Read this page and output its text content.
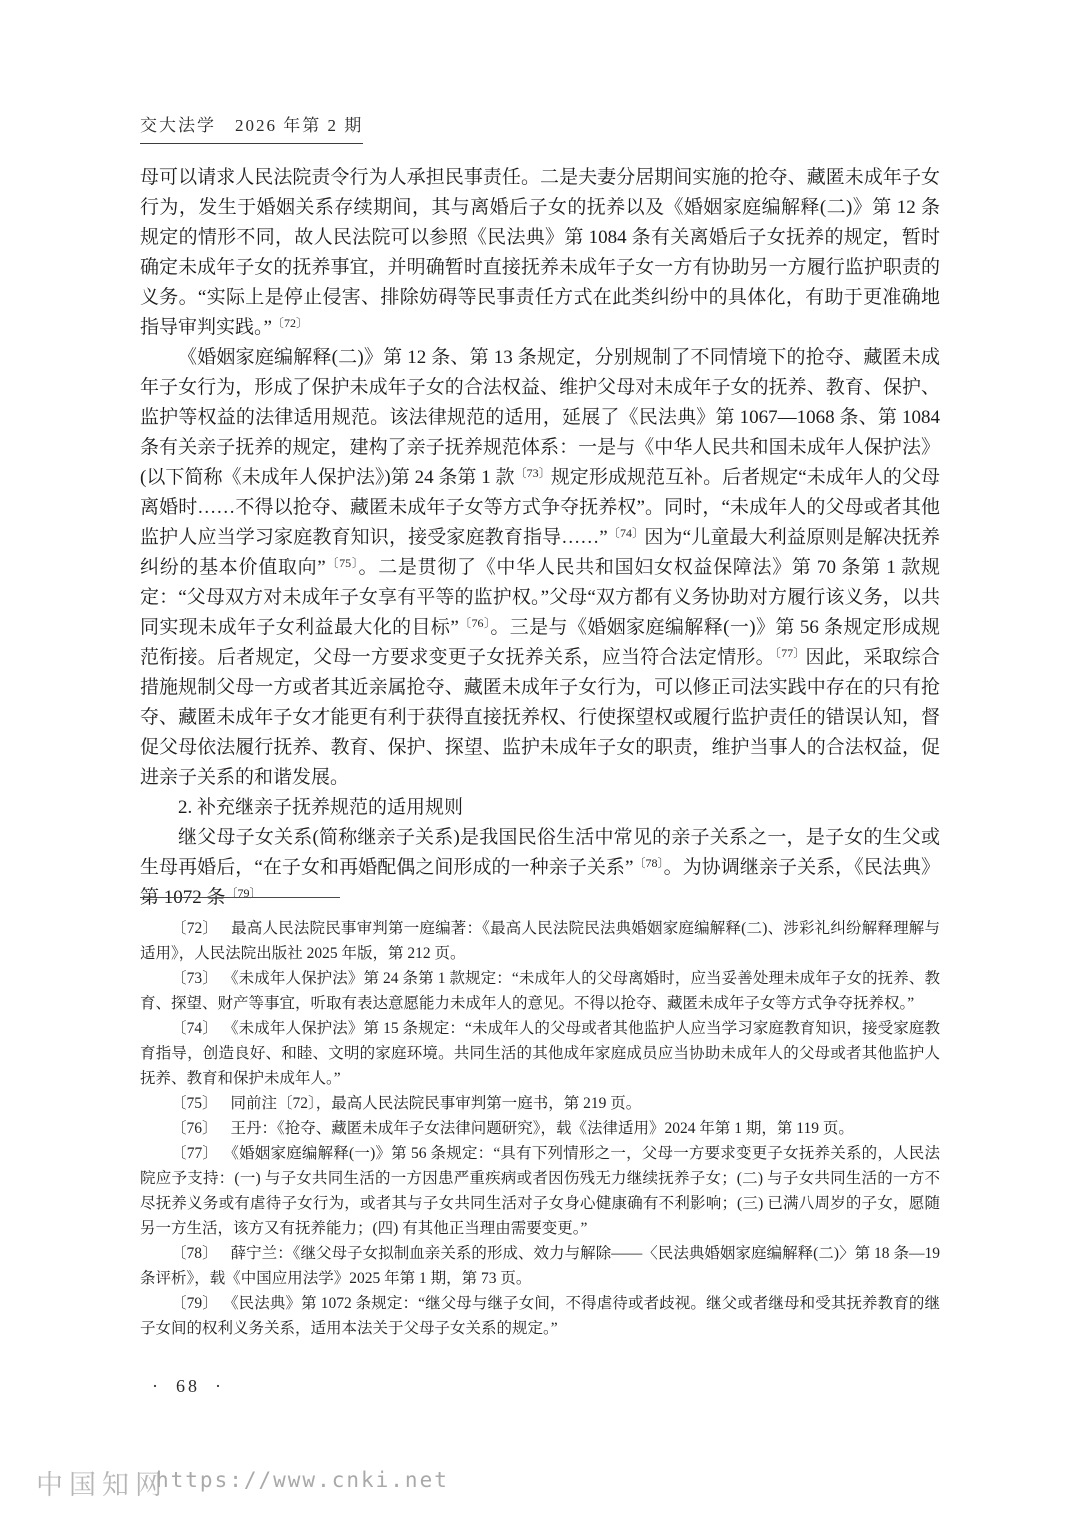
交大法学　2026 年第 2 期

母可以请求人民法院责令行为人承担民事责任。二是夫妻分居期间实施的抢夺、藏匿未成年子女行为，发生于婚姻关系存续期间，其与离婚后子女的抚养以及《婚姻家庭编解释(二)》第 12 条规定的情形不同，故人民法院可以参照《民法典》第 1084 条有关离婚后子女抚养的规定，暂时确定未成年子女的抚养事宜，并明确暂时直接抚养未成年子女一方有协助另一方履行监护职责的义务。“实际上是停止侵害、排除妨碍等民事责任方式在此类纠纷中的具体化，有助于更准确地指导审判实践。”$^{〔72〕}$

《婚姻家庭编解释(二)》第 12 条、第 13 条规定，分别规制了不同情境下的抢夺、藏匿未成年子女行为，形成了保护未成年子女的合法权益、维护父母对未成年子女的抚养、教育、保护、监护等权益的法律适用规范。该法律规范的适用，延展了《民法典》第 1067—1068 条、第 1084 条有关亲子抚养的规定，建构了亲子抚养规范体系：一是与《中华人民共和国未成年人保护法》(以下简称《未成年人保护法》)第 24 条第 1 款$^{〔73〕}$规定形成规范互补。后者规定“未成年人的父母离婚时……不得以抢夺、藏匿未成年子女等方式争夺抚养权”。同时，“未成年人的父母或者其他监护人应当学习家庭教育知识，接受家庭教育指导……”$^{〔74〕}$因为“儿童最大利益原则是解决抚养纠纷的基本价值取向”$^{〔75〕}$。二是贯彻了《中华人民共和国妇女权益保障法》第 70 条第 1 款规定：“父母双方对未成年子女享有平等的监护权。”父母“双方都有义务协助对方履行该义务，以共同实现未成年子女利益最大化的目标”$^{〔76〕}$。三是与《婚姻家庭编解释(一)》第 56 条规定形成规范衔接。后者规定，父母一方要求变更子女抚养关系，应当符合法定情形。$^{〔77〕}$因此，采取综合措施规制父母一方或者其近亲属抢夺、藏匿未成年子女行为，可以修正司法实践中存在的只有抢夺、藏匿未成年子女才能更有利于获得直接抚养权、行使探望权或履行监护责任的错误认知，督促父母依法履行抚养、教育、保护、探望、监护未成年子女的职责，维护当事人的合法权益，促进亲子关系的和谐发展。

2. 补充继亲子抚养规范的适用规则

继父母子女关系(简称继亲子关系)是我国民俗生活中常见的亲子关系之一，是子女的生父或生母再婚后，“在子女和再婚配偶之间形成的一种亲子关系”$^{〔78〕}$。为协调继亲子关系，《民法典》第 1072 条$^{〔79〕}$

〔72〕 最高人民法院民事审判第一庭编著：《最高人民法院民法典婚姻家庭编解释(二)、涉彩礼纠纷解释理解与适用》，人民法院出版社 2025 年版，第 212 页。

〔73〕 《未成年人保护法》第 24 条第 1 款规定：“未成年人的父母离婚时，应当妥善处理未成年子女的抚养、教育、探望、财产等事宜，听取有表达意愿能力未成年人的意见。不得以抢夺、藏匿未成年子女等方式争夺抚养权。”

〔74〕 《未成年人保护法》第 15 条规定：“未成年人的父母或者其他监护人应当学习家庭教育知识，接受家庭教育指导，创造良好、和睦、文明的家庭环境。共同生活的其他成年家庭成员应当协助未成年人的父母或者其他监护人抚养、教育和保护未成年人。”

〔75〕 同前注〔72〕，最高人民法院民事审判第一庭书，第 219 页。

〔76〕 王丹：《抢夺、藏匿未成年子女法律问题研究》，载《法律适用》2024 年第 1 期，第 119 页。

〔77〕 《婚姻家庭编解释(一)》第 56 条规定：“具有下列情形之一，父母一方要求变更子女抚养关系的，人民法院应予支持：(一) 与子女共同生活的一方因患严重疾病或者因伤残无力继续抚养子女；(二) 与子女共同生活的一方不尽抚养义务或有虐待子女行为，或者其与子女共同生活对子女身心健康确有不利影响；(三) 已满八周岁的子女，愿随另一方生活，该方又有抚养能力；(四) 有其他正当理由需要变更。”

〔78〕 薛宁兰：《继父母子女拟制血亲关系的形成、效力与解除——〈民法典婚姻家庭编解释(二)〉第 18 条—19 条评析》，载《中国应用法学》2025 年第 1 期，第 73 页。

〔79〕 《民法典》第 1072 条规定：“继父母与继子女间，不得虐待或者歧视。继父或者继母和受其抚养教育的继子女间的权利义务关系，适用本法关于父母子女关系的规定。”

·  68  ·
中国知网
https://www.cnki.net
